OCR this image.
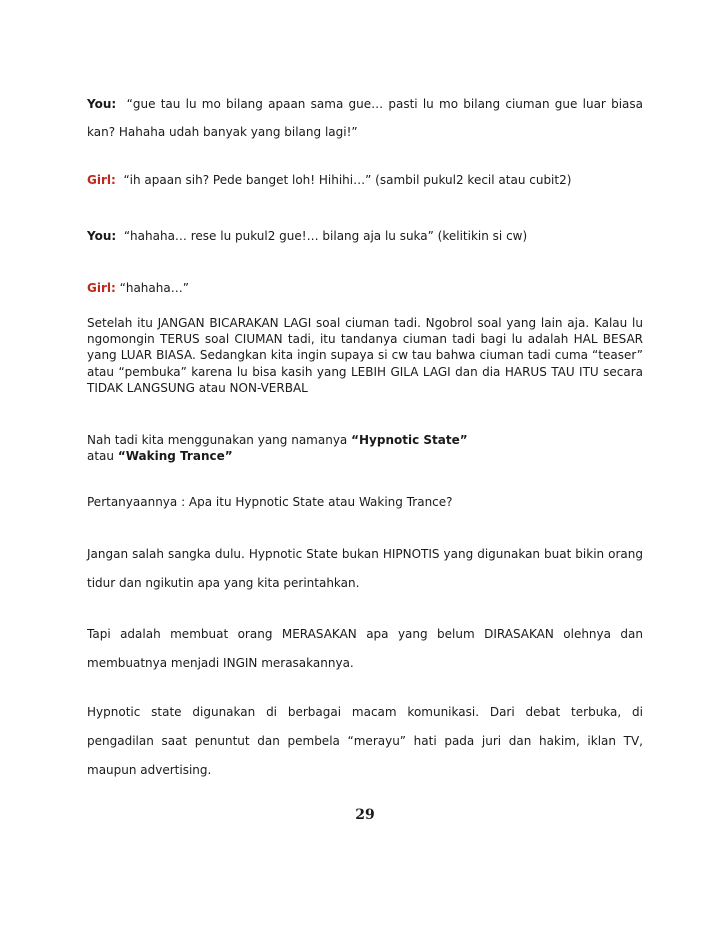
You: “gue tau lu mo bilang apaan sama gue… pasti lu mo bilang ciuman gue luar biasa kan? Hahaha udah banyak yang bilang lagi!”

Girl: “ih apaan sih? Pede banget loh! Hihihi…” (sambil pukul2 kecil atau cubit2)

You: “hahaha… rese lu pukul2 gue!… bilang aja lu suka” (kelitikin si cw)

Girl: “hahaha…”

Setelah itu JANGAN BICARAKAN LAGI soal ciuman tadi. Ngobrol soal yang lain aja. Kalau lu ngomongin TERUS soal CIUMAN tadi, itu tandanya ciuman tadi bagi lu adalah HAL BESAR yang LUAR BIASA. Sedangkan kita ingin supaya si cw tau bahwa ciuman tadi cuma “teaser” atau “pembuka” karena lu bisa kasih yang LEBIH GILA LAGI dan dia HARUS TAU ITU secara TIDAK LANGSUNG atau NON-VERBAL

Nah tadi kita menggunakan yang namanya “Hypnotic State”
atau “Waking Trance”

Pertanyaannya : Apa itu Hypnotic State atau Waking Trance?

Jangan salah sangka dulu. Hypnotic State bukan HIPNOTIS yang digunakan buat bikin orang tidur dan ngikutin apa yang kita perintahkan.

Tapi adalah membuat orang MERASAKAN apa yang belum DIRASAKAN olehnya dan membuatnya menjadi INGIN merasakannya.

Hypnotic state digunakan di berbagai macam komunikasi. Dari debat terbuka, di pengadilan saat penuntut dan pembela “merayu” hati pada juri dan hakim, iklan TV, maupun advertising.

29
